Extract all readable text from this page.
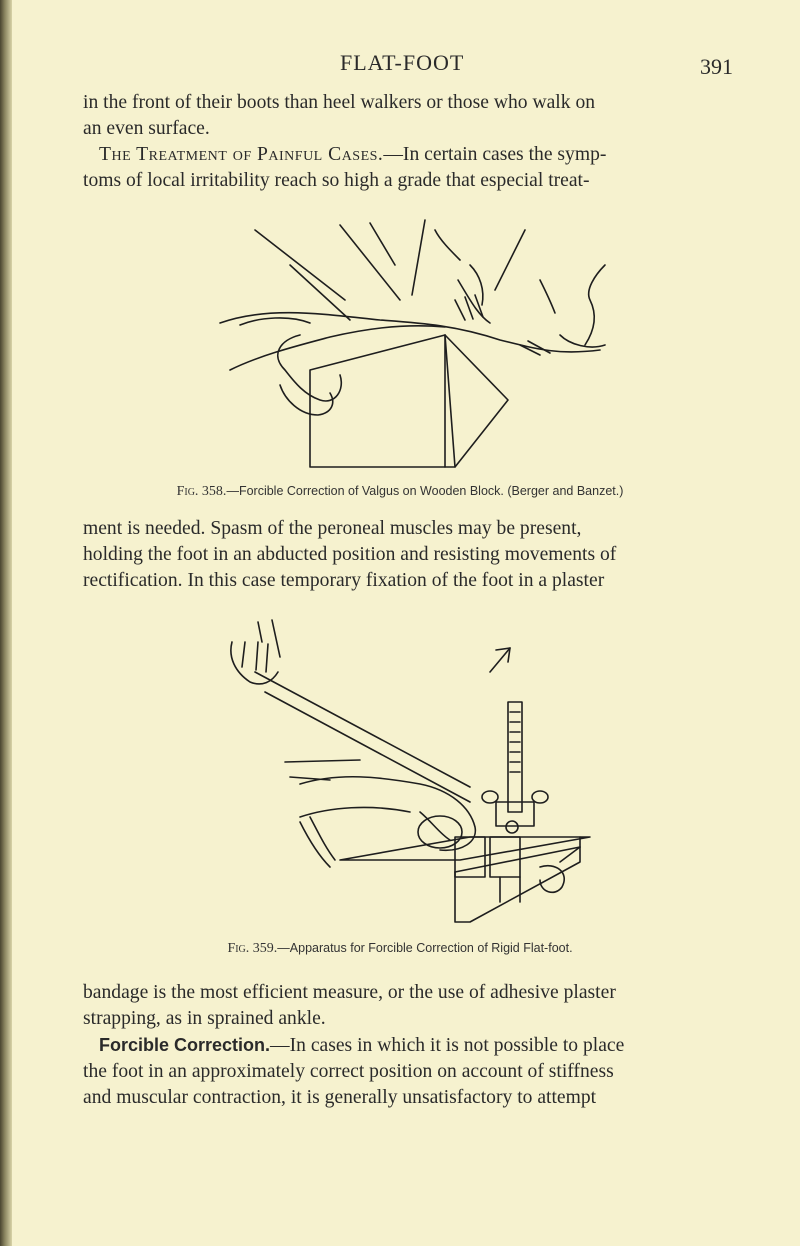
FLAT-FOOT	391

in the front of their boots than heel walkers or those who walk on
an even surface.

The Treatment of Painful Cases.—In certain cases the symp-
toms of local irritability reach so high a grade that especial treat-

Fig. 358.—Forcible Correction of Valgus on Wooden Block. (Berger and Banzet.)

ment is needed. Spasm of the peroneal muscles may be present,
holding the foot in an abducted position and resisting movements of
rectification. In this case temporary fixation of the foot in a plaster

Fig. 359.—Apparatus for Forcible Correction of Rigid Flat-foot.

bandage is the most efficient measure, or the use of adhesive plaster
strapping, as in sprained ankle.

Forcible Correction.—In cases in which it is not possible to place
the foot in an approximately correct position on account of stiffness
and muscular contraction, it is generally unsatisfactory to attempt
